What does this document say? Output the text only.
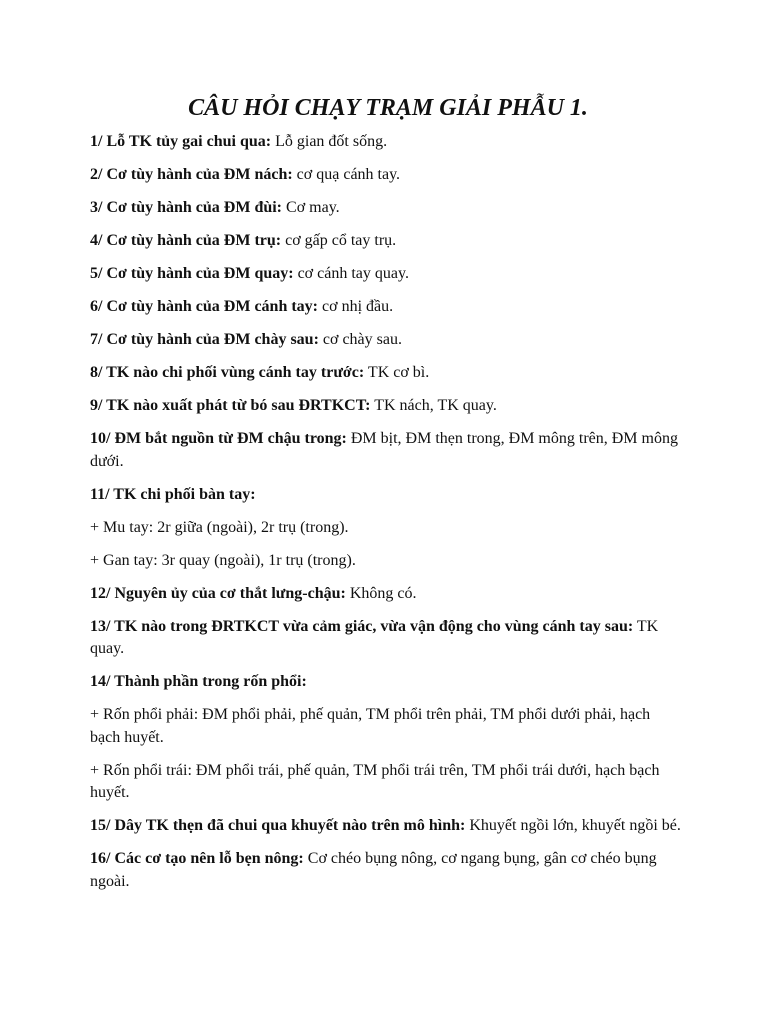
CÂU HỎI CHẠY TRẠM GIẢI PHẪU 1.

1/ Lỗ TK tủy gai chui qua: Lỗ gian đốt sống.

2/ Cơ tùy hành của ĐM nách: cơ quạ cánh tay.

3/ Cơ tùy hành của ĐM đùi: Cơ may.

4/ Cơ tùy hành của ĐM trụ: cơ gấp cổ tay trụ.

5/ Cơ tùy hành của ĐM quay: cơ cánh tay quay.

6/ Cơ tùy hành của ĐM cánh tay: cơ nhị đầu.

7/ Cơ tùy hành của ĐM chày sau: cơ chày sau.

8/ TK nào chi phối vùng cánh tay trước: TK cơ bì.

9/ TK nào xuất phát từ bó sau ĐRTKCT: TK nách, TK quay.

10/ ĐM bắt nguồn từ ĐM chậu trong: ĐM bịt, ĐM thẹn trong, ĐM mông trên, ĐM mông dưới.

11/ TK chi phối bàn tay:

+ Mu tay: 2r giữa (ngoài), 2r trụ (trong).

+ Gan tay: 3r quay (ngoài), 1r trụ (trong).

12/ Nguyên ủy của cơ thắt lưng-chậu: Không có.

13/ TK nào trong ĐRTKCT vừa cảm giác, vừa vận động cho vùng cánh tay sau: TK quay.

14/ Thành phần trong rốn phổi:

+ Rốn phổi phải: ĐM phổi phải, phế quản, TM phổi trên phải, TM phổi dưới phải, hạch bạch huyết.

+ Rốn phổi trái: ĐM phổi trái, phế quản, TM phổi trái trên, TM phổi trái dưới, hạch bạch huyết.

15/ Dây TK thẹn đã chui qua khuyết nào trên mô hình: Khuyết ngồi lớn, khuyết ngồi bé.

16/ Các cơ tạo nên lỗ bẹn nông: Cơ chéo bụng nông, cơ ngang bụng, gân cơ chéo bụng ngoài.
